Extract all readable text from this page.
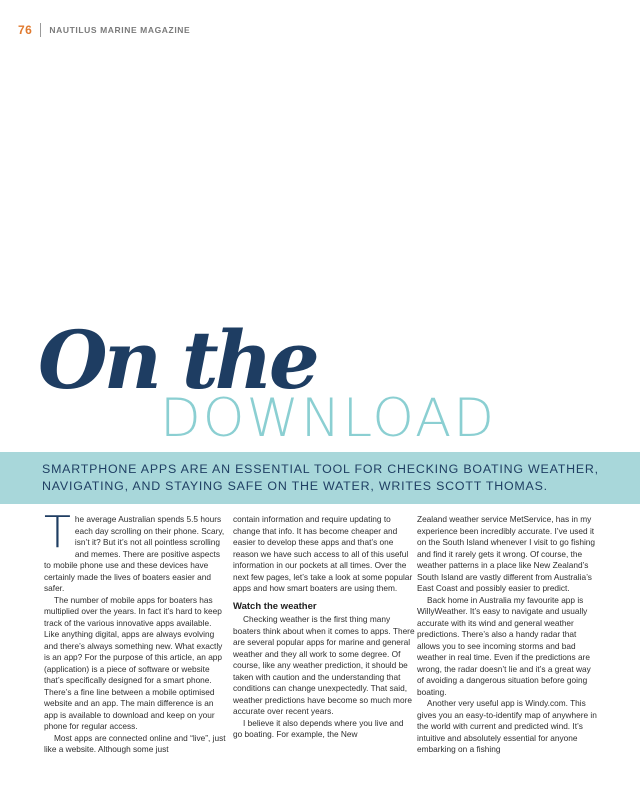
76 NAUTILUS MARINE MAGAZINE
On the
DOWNLOAD
SMARTPHONE APPS ARE AN ESSENTIAL TOOL FOR CHECKING BOATING WEATHER, NAVIGATING, AND STAYING SAFE ON THE WATER, WRITES SCOTT THOMAS.
T he average Australian spends 5.5 hours each day scrolling on their phone. Scary, isn’t it? But it’s not all pointless scrolling and memes. There are positive aspects to mobile phone use and these devices have certainly made the lives of boaters easier and safer.

The number of mobile apps for boaters has multiplied over the years. In fact it’s hard to keep track of the various innovative apps available. Like anything digital, apps are always evolving and there’s always something new. What exactly is an app? For the purpose of this article, an app (application) is a piece of software or website that’s specifically designed for a smart phone. There’s a fine line between a mobile optimised website and an app. The main difference is an app is available to download and keep on your phone for regular access.

Most apps are connected online and “live”, just like a website. Although some just

contain information and require updating to change that info. It has become cheaper and easier to develop these apps and that’s one reason we have such access to all of this useful information in our pockets at all times. Over the next few pages, let’s take a look at some popular apps and how smart boaters are using them.

Watch the weather

Checking weather is the first thing many boaters think about when it comes to apps. There are several popular apps for marine and general weather and they all work to some degree. Of course, like any weather prediction, it should be taken with caution and the understanding that conditions can change unexpectedly. That said, weather predictions have become so much more accurate over recent years.

I believe it also depends where you live and go boating. For example, the New

Zealand weather service MetService, has in my experience been incredibly accurate. I’ve used it on the South Island whenever I visit to go fishing and find it rarely gets it wrong. Of course, the weather patterns in a place like New Zealand’s South Island are vastly different from Australia’s East Coast and possibly easier to predict.

Back home in Australia my favourite app is WillyWeather. It’s easy to navigate and usually accurate with its wind and general weather predictions. There’s also a handy radar that allows you to see incoming storms and bad weather in real time. Even if the predictions are wrong, the radar doesn’t lie and it’s a great way of avoiding a dangerous situation before going boating.

Another very useful app is Windy.com. This gives you an easy-to-identify map of anywhere in the world with current and predicted wind. It’s intuitive and absolutely essential for anyone embarking on a fishing
